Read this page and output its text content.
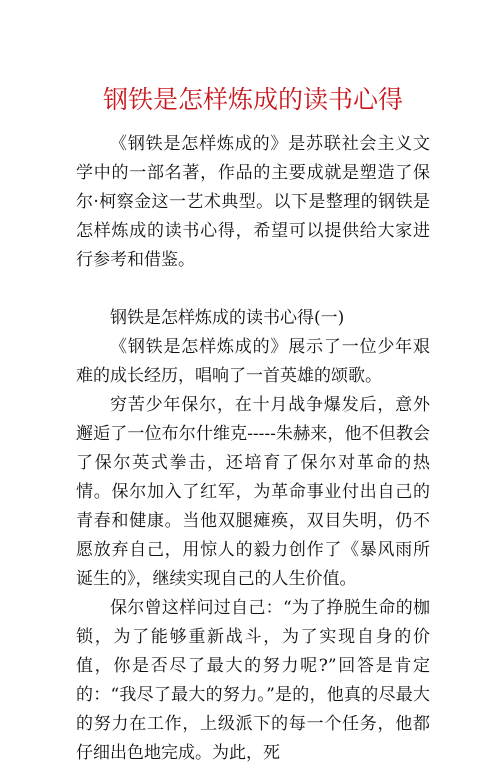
钢铁是怎样炼成的读书心得

《钢铁是怎样炼成的》是苏联社会主义文学中的一部名著，作品的主要成就是塑造了保尔·柯察金这一艺术典型。以下是整理的钢铁是怎样炼成的读书心得，希望可以提供给大家进行参考和借鉴。

钢铁是怎样炼成的读书心得(一)

《钢铁是怎样炼成的》展示了一位少年艰难的成长经历，唱响了一首英雄的颂歌。

穷苦少年保尔，在十月战争爆发后，意外邂逅了一位布尔什维克-----朱赫来，他不但教会了保尔英式拳击，还培育了保尔对革命的热情。保尔加入了红军，为革命事业付出自己的青春和健康。当他双腿瘫痪，双目失明，仍不愿放弃自己，用惊人的毅力创作了《暴风雨所诞生的》，继续实现自己的人生价值。

保尔曾这样问过自己：“为了挣脱生命的枷锁，为了能够重新战斗，为了实现自身的价值，你是否尽了最大的努力呢?”回答是肯定的：“我尽了最大的努力。”是的，他真的尽最大的努力在工作，上级派下的每一个任务，他都仔细出色地完成。为此，死
